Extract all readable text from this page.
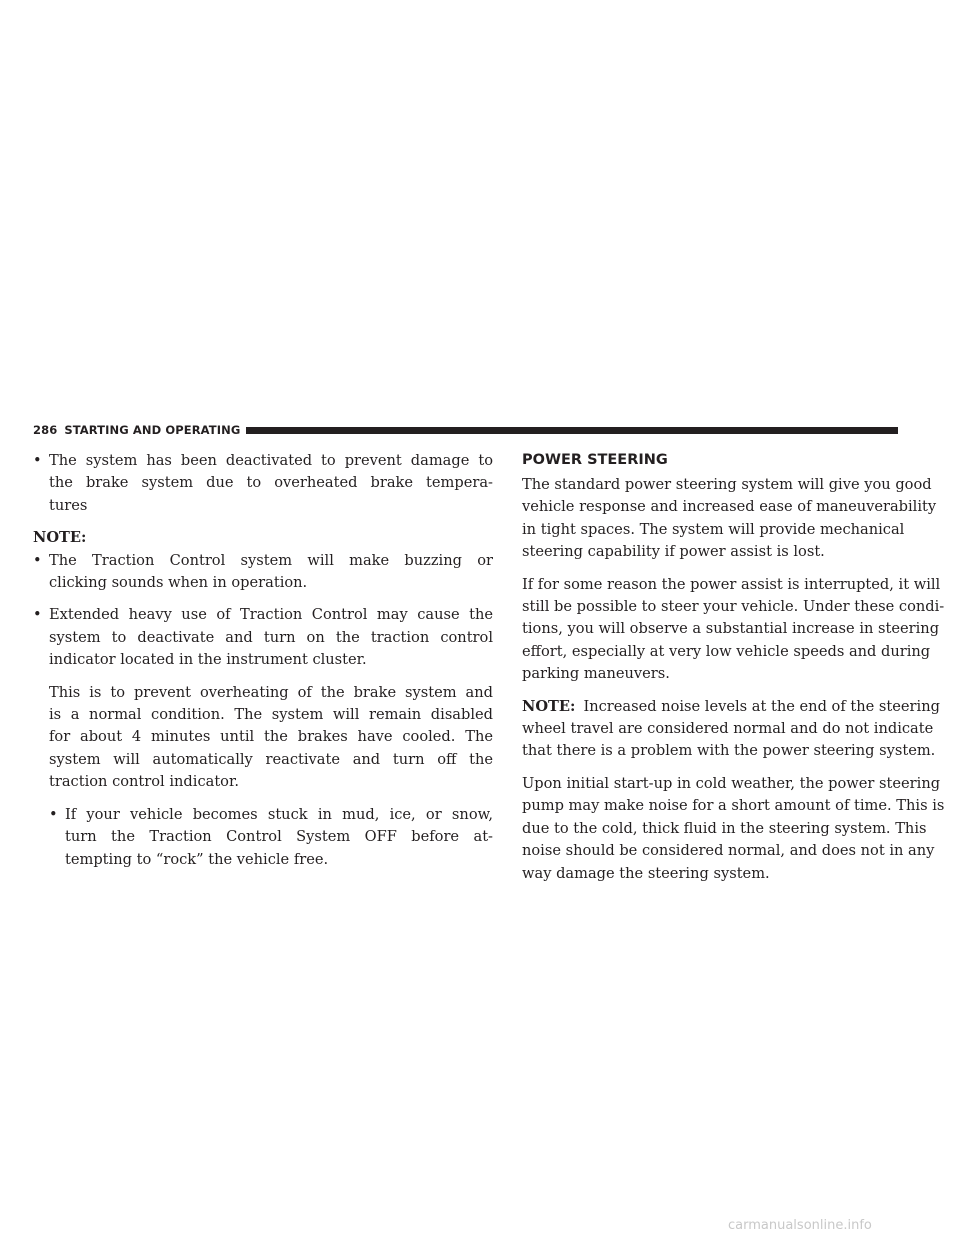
286 STARTING AND OPERATING
• The system has been deactivated to prevent damage to
the brake system due to overheated brake tempera-
tures
NOTE:
• The Traction Control system will make buzzing or
clicking sounds when in operation.
• Extended heavy use of Traction Control may cause the
system to deactivate and turn on the traction control
indicator located in the instrument cluster.
This is to prevent overheating of the brake system and
is a normal condition. The system will remain disabled
for about 4 minutes until the brakes have cooled. The
system will automatically reactivate and turn off the
traction control indicator.
• If your vehicle becomes stuck in mud, ice, or snow,
turn the Traction Control System OFF before at-
tempting to “rock” the vehicle free.
POWER STEERING
The standard power steering system will give you good
vehicle response and increased ease of maneuverability
in tight spaces. The system will provide mechanical
steering capability if power assist is lost.
If for some reason the power assist is interrupted, it will
still be possible to steer your vehicle. Under these condi-
tions, you will observe a substantial increase in steering
effort, especially at very low vehicle speeds and during
parking maneuvers.
NOTE: Increased noise levels at the end of the steering
wheel travel are considered normal and do not indicate
that there is a problem with the power steering system.
Upon initial start-up in cold weather, the power steering
pump may make noise for a short amount of time. This is
due to the cold, thick fluid in the steering system. This
noise should be considered normal, and does not in any
way damage the steering system.
carmanualsonline.info
